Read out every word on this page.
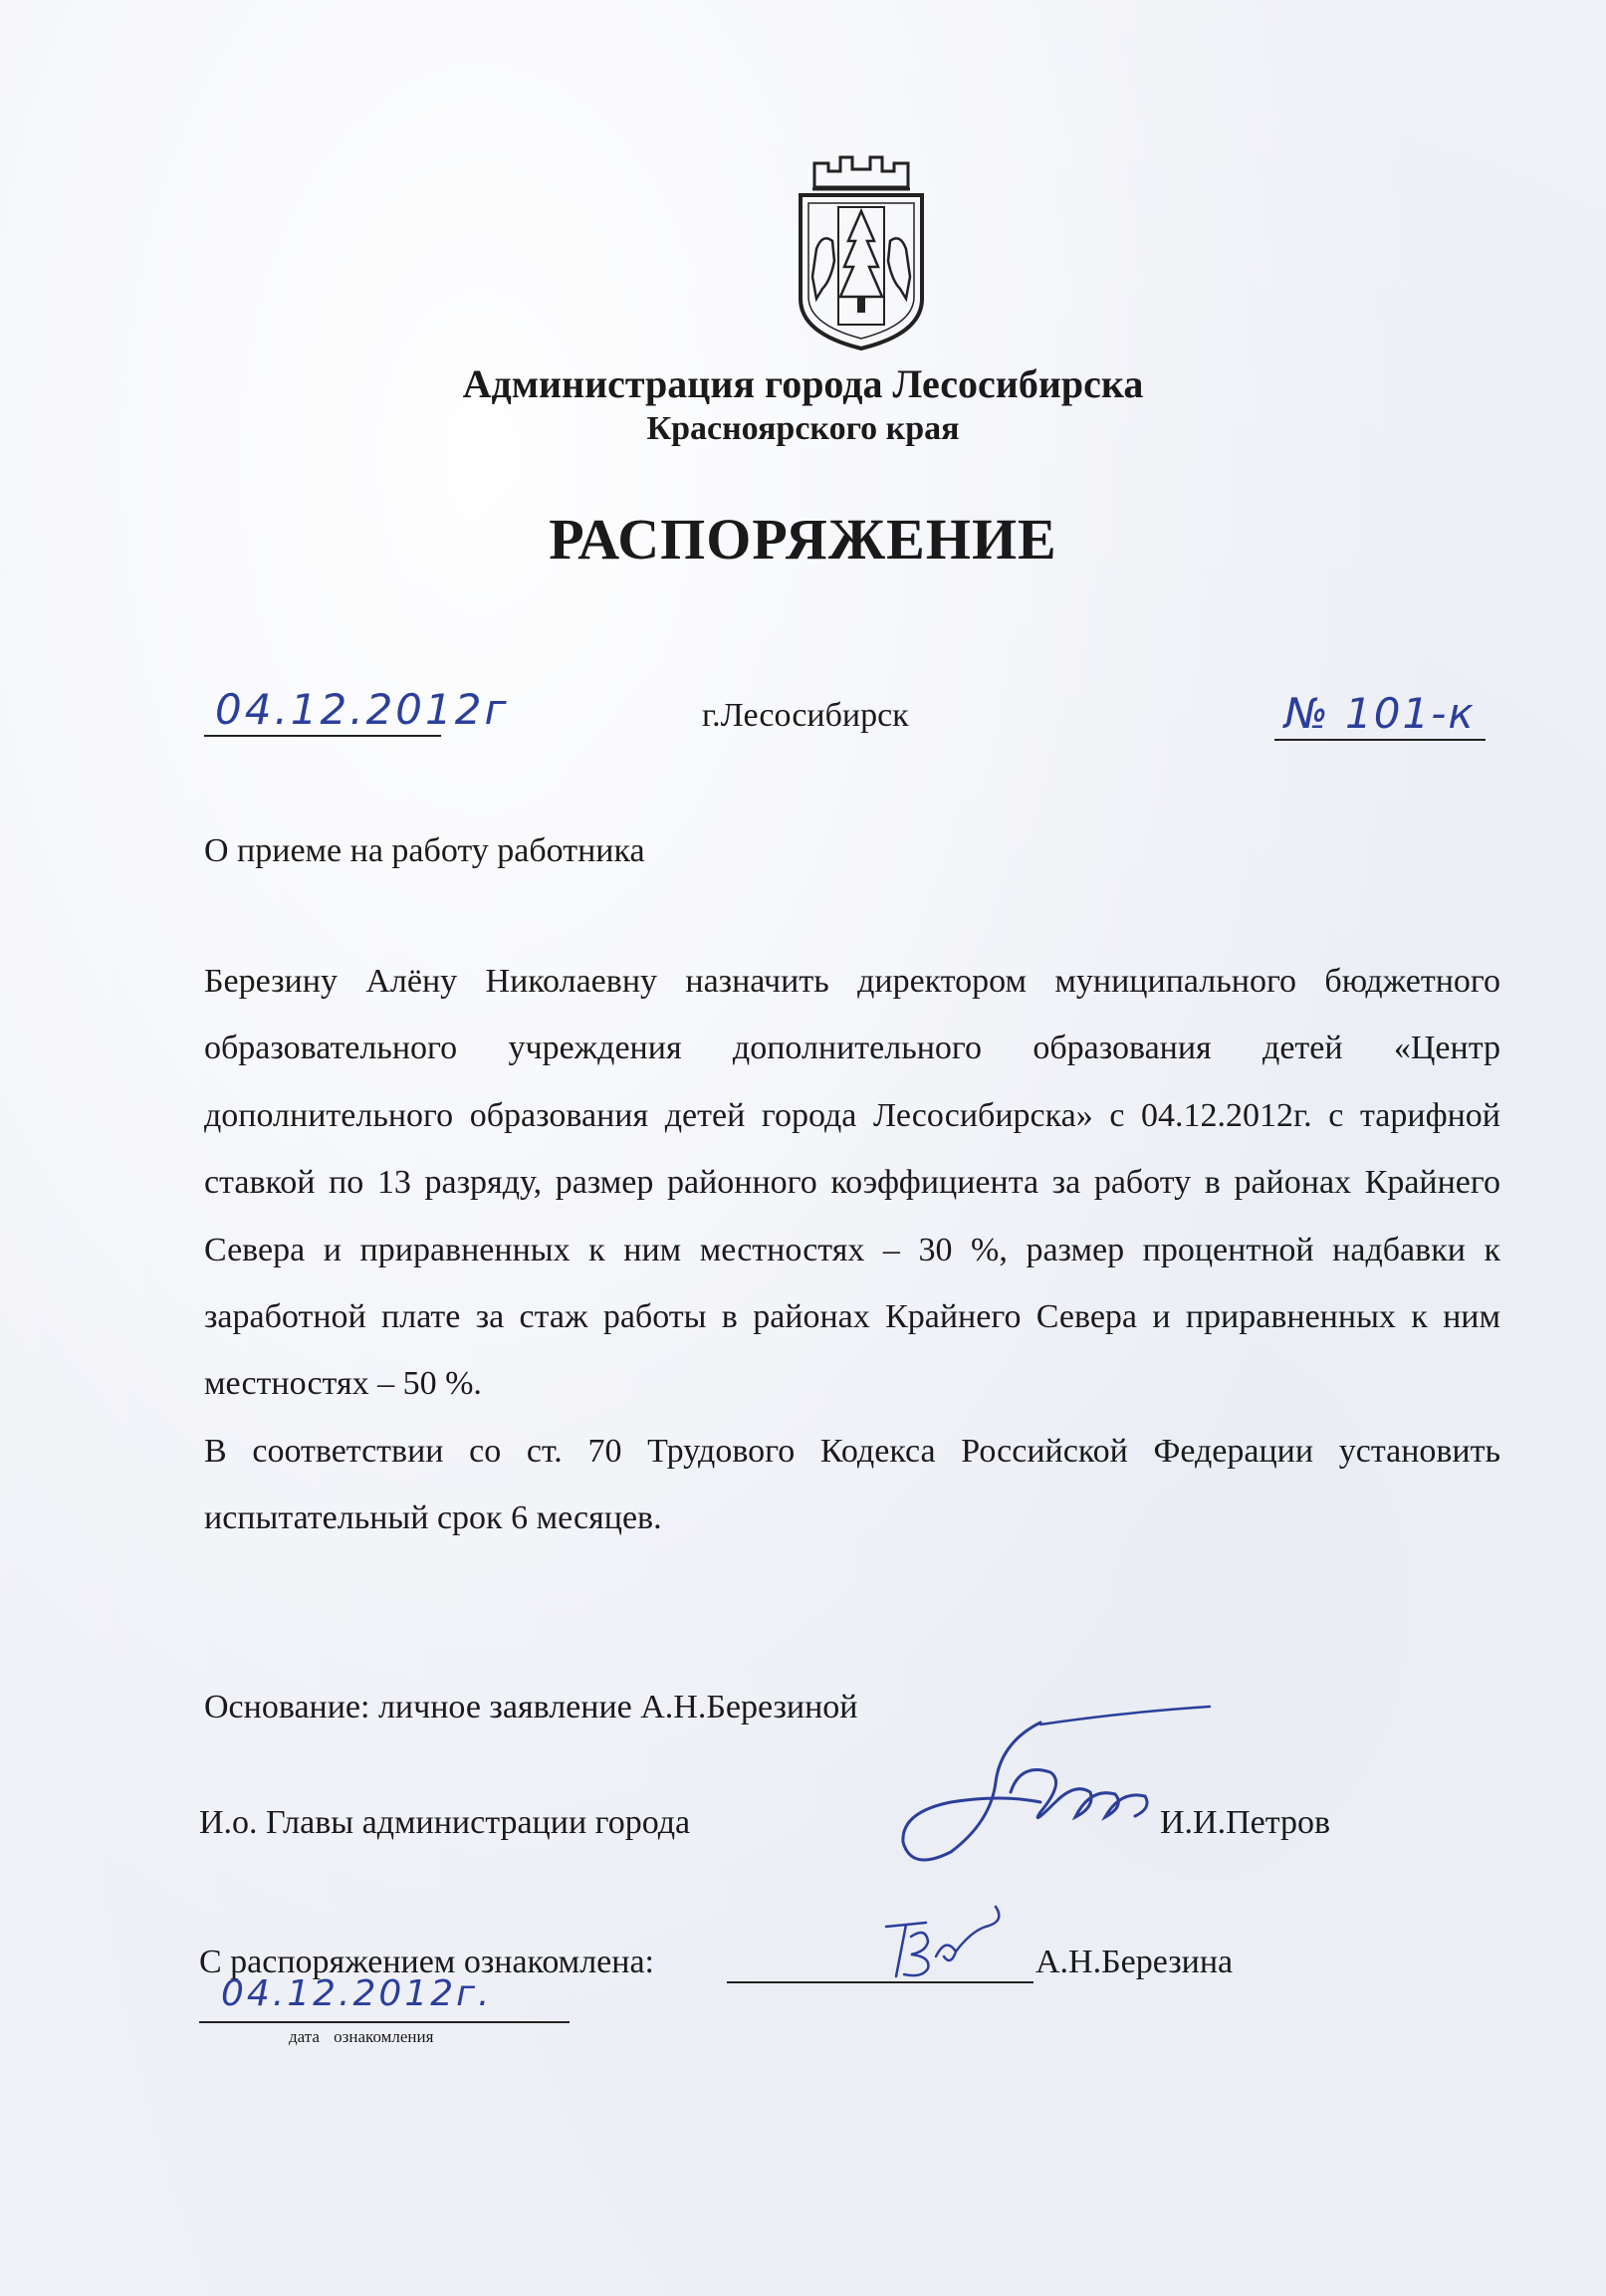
Администрация города Лесосибирска
Красноярского края
РАСПОРЯЖЕНИЕ
04.12.2012г	г.Лесосибирск	№ 101-к
О приеме на работу работника

Березину Алёну Николаевну назначить директором муниципального бюджетного образовательного учреждения дополнительного образования детей «Центр дополнительного образования детей города Лесосибирска» с 04.12.2012г. с тарифной ставкой по 13 разряду, размер районного коэффициента за работу в районах Крайнего Севера и приравненных к ним местностях – 30 %, размер процентной надбавки к заработной плате за стаж работы в районах Крайнего Севера и приравненных к ним местностях – 50 %.

В соответствии со ст. 70 Трудового Кодекса Российской Федерации установить испытательный срок 6 месяцев.

Основание: личное заявление А.Н.Березиной
И.о. Главы администрации города	И.И.Петров
С распоряжением ознакомлена:	А.Н.Березина
04.12.2012г.
дата ознакомления
